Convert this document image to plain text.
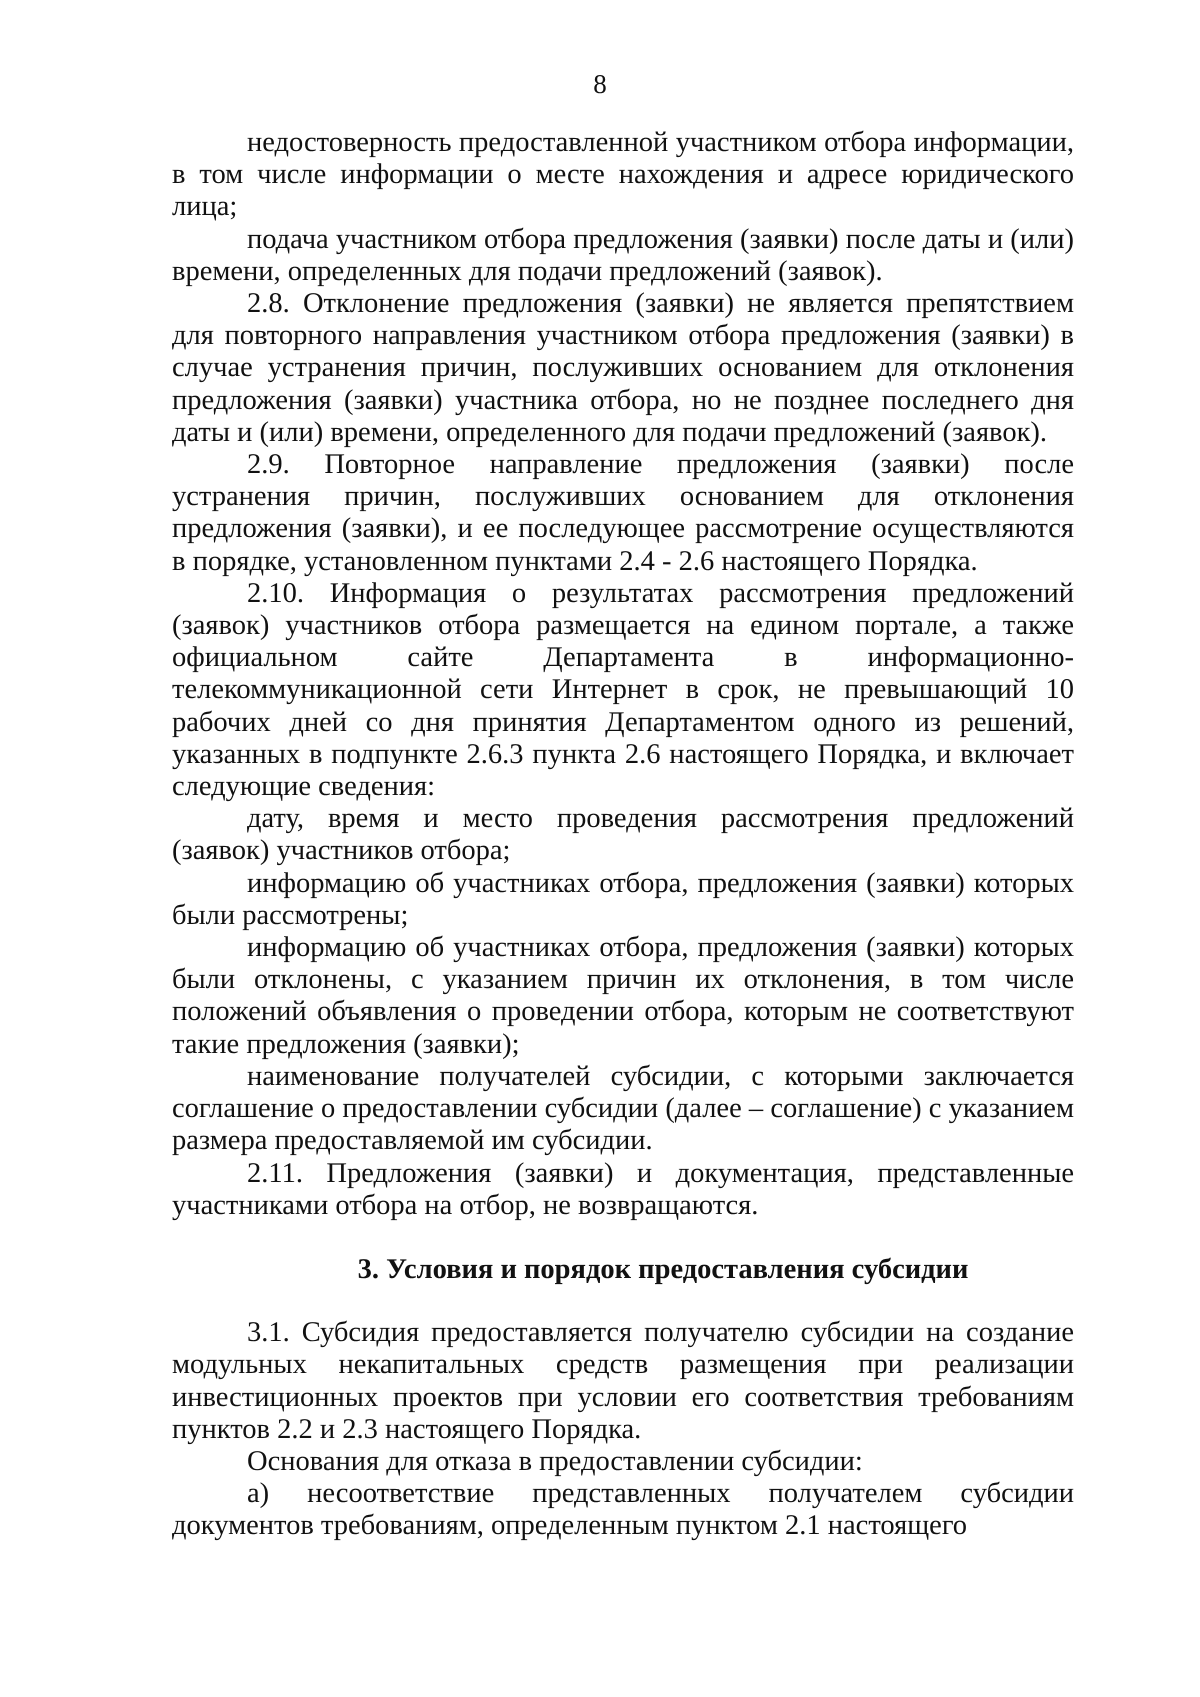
8

недостоверность предоставленной участником отбора информации, в том числе информации о месте нахождения и адресе юридического лица;

подача участником отбора предложения (заявки) после даты и (или) времени, определенных для подачи предложений (заявок).

2.8. Отклонение предложения (заявки) не является препятствием для повторного направления участником отбора предложения (заявки) в случае устранения причин, послуживших основанием для отклонения предложения (заявки) участника отбора, но не позднее последнего дня даты и (или) времени, определенного для подачи предложений (заявок).

2.9. Повторное направление предложения (заявки) после устранения причин, послуживших основанием для отклонения предложения (заявки), и ее последующее рассмотрение осуществляются в порядке, установленном пунктами 2.4 - 2.6 настоящего Порядка.

2.10. Информация о результатах рассмотрения предложений (заявок) участников отбора размещается на едином портале, а также официальном сайте Департамента в информационно-телекоммуникационной сети Интернет в срок, не превышающий 10 рабочих дней со дня принятия Департаментом одного из решений, указанных в подпункте 2.6.3 пункта 2.6 настоящего Порядка, и включает следующие сведения:

дату, время и место проведения рассмотрения предложений (заявок) участников отбора;

информацию об участниках отбора, предложения (заявки) которых были рассмотрены;

информацию об участниках отбора, предложения (заявки) которых были отклонены, с указанием причин их отклонения, в том числе положений объявления о проведении отбора, которым не соответствуют такие предложения (заявки);

наименование получателей субсидии, с которыми заключается соглашение о предоставлении субсидии (далее – соглашение) с указанием размера предоставляемой им субсидии.

2.11. Предложения (заявки) и документация, представленные участниками отбора на отбор, не возвращаются.

3. Условия и порядок предоставления субсидии

3.1. Субсидия предоставляется получателю субсидии на создание модульных некапитальных средств размещения при реализации инвестиционных проектов при условии его соответствия требованиям пунктов 2.2 и 2.3 настоящего Порядка.

Основания для отказа в предоставлении субсидии:

а) несоответствие представленных получателем субсидии документов требованиям, определенным пунктом 2.1 настоящего
